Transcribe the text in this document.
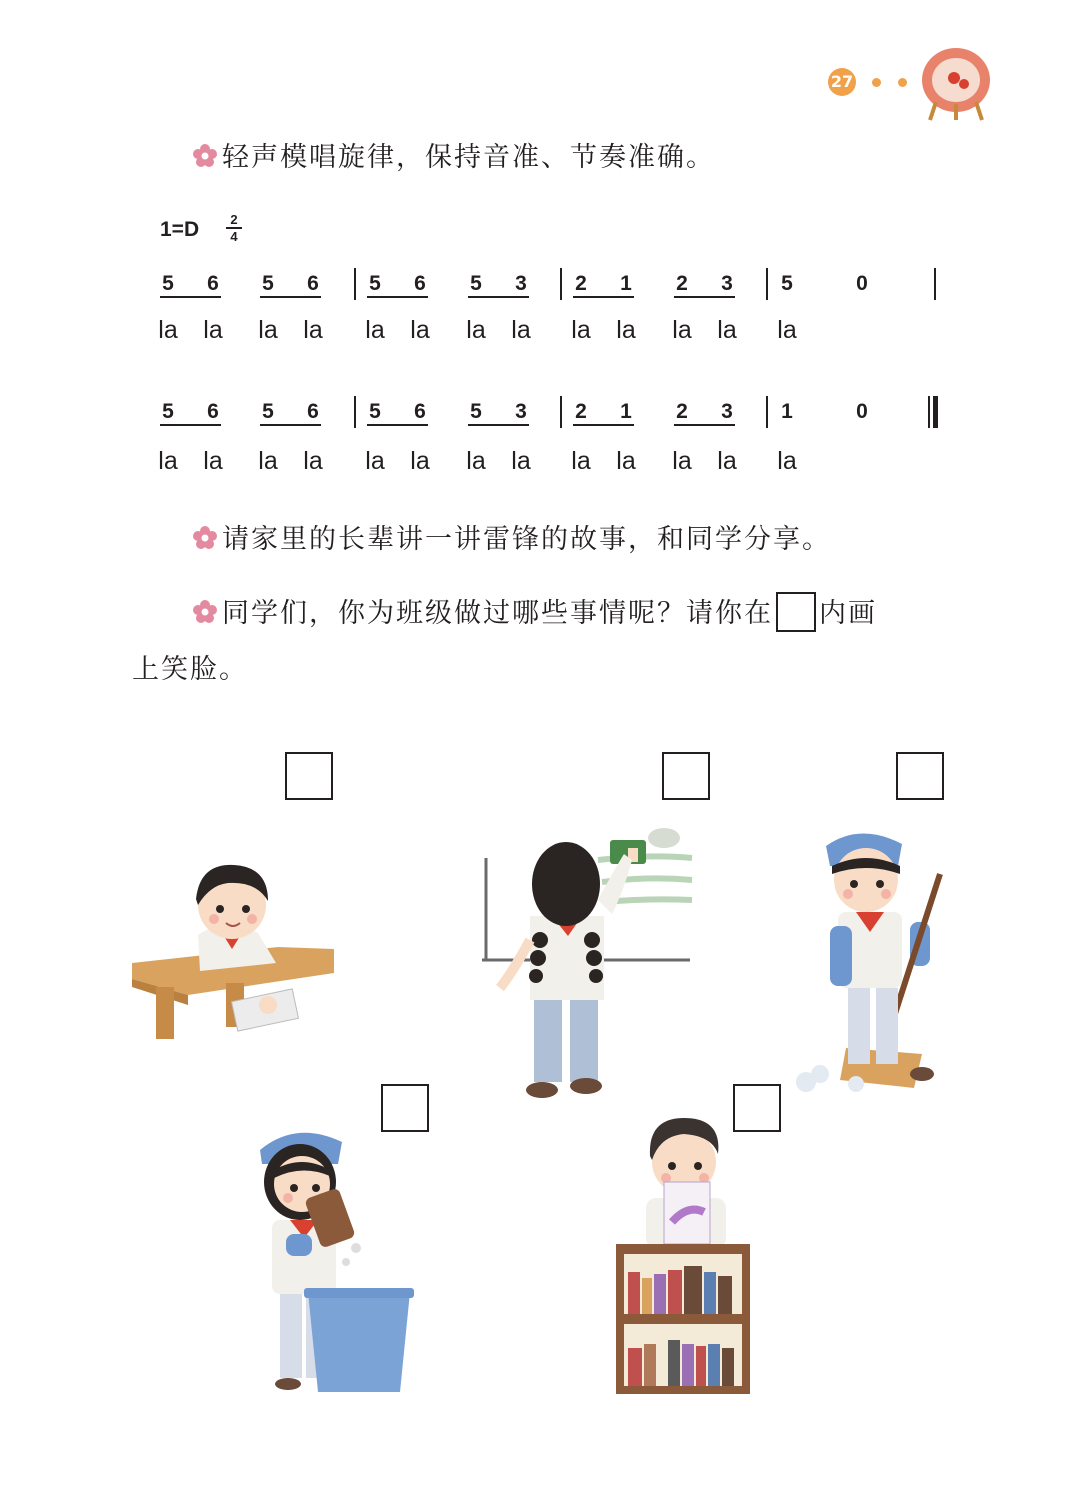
27
轻声模唱旋律，保持音准、节奏准确。
1=D	2
4
5 6 5 6 5 6 5 3 2 1 2 3 5	0
la	la	la	la	la	la	la	la	la	la	la	la	la
5 6 5 6 5 6 5 3 2 1 2 3 1	0
la	la	la	la	la	la	la	la	la	la	la	la	la
请家里的长辈讲一讲雷锋的故事，和同学分享。
同学们，你为班级做过哪些事情呢？请你在 内画
上笑脸。
